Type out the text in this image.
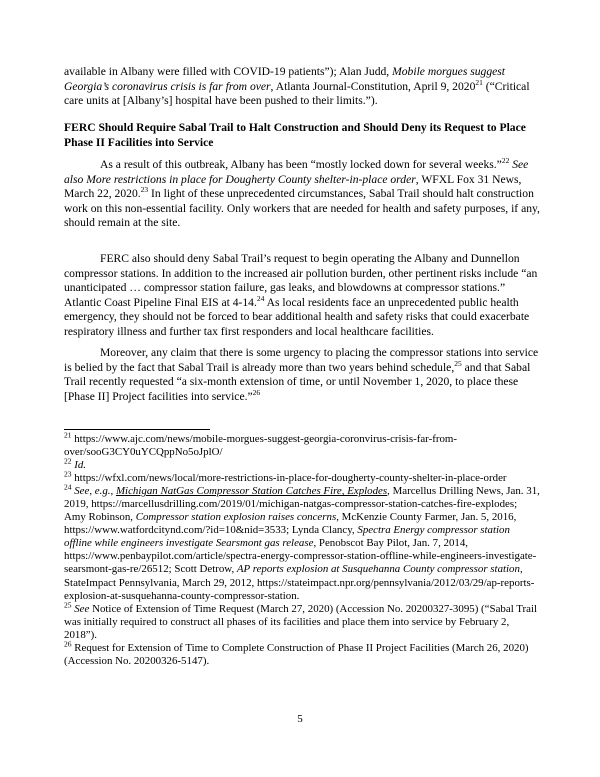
available in Albany were filled with COVID-19 patients”); Alan Judd, Mobile morgues suggest Georgia’s coronavirus crisis is far from over, Atlanta Journal-Constitution, April 9, 2020$^{21}$ (“Critical care units at [Albany’s] hospital have been pushed to their limits.”).

FERC Should Require Sabal Trail to Halt Construction and Should Deny its Request to Place Phase II Facilities into Service

As a result of this outbreak, Albany has been “mostly locked down for several weeks.”$^{22}$ See also More restrictions in place for Dougherty County shelter-in-place order, WFXL Fox 31 News, March 22, 2020.23 In light of these unprecedented circumstances, Sabal Trail should halt construction work on this non-essential facility. Only workers that are needed for health and safety purposes, if any, should remain at the site.

FERC also should deny Sabal Trail’s request to begin operating the Albany and Dunnellon compressor stations. In addition to the increased air pollution burden, other pertinent risks include “an unanticipated … compressor station failure, gas leaks, and blowdowns at compressor stations.” Atlantic Coast Pipeline Final EIS at 4-14.24 As local residents face an unprecedented public health emergency, they should not be forced to bear additional health and safety risks that could exacerbate respiratory illness and further tax first responders and local healthcare facilities.

Moreover, any claim that there is some urgency to placing the compressor stations into service is belied by the fact that Sabal Trail is already more than two years behind schedule,$^{25}$ and that Sabal Trail recently requested “a six-month extension of time, or until November 1, 2020, to place these [Phase II] Project facilities into service.”$^{26}$

$^{21}$ https://www.ajc.com/news/mobile-morgues-suggest-georgia-coronvirus-crisis-far-from-over/sooG3CY0uYCQppNo5oJplO/

$^{22}$ Id.

$^{23}$ https://wfxl.com/news/local/more-restrictions-in-place-for-dougherty-county-shelter-in-place-order

$^{24}$ See, e.g., Michigan NatGas Compressor Station Catches Fire, Explodes, Marcellus Drilling News, Jan. 31, 2019, https://marcellusdrilling.com/2019/01/michigan-natgas-compressor-station-catches-fire-explodes; Amy Robinson, Compressor station explosion raises concerns, McKenzie County Farmer, Jan. 5, 2016, https://www.watfordcitynd.com/?id=10&nid=3533; Lynda Clancy, Spectra Energy compressor station offline while engineers investigate Searsmont gas release, Penobscot Bay Pilot, Jan. 7, 2014, https://www.penbaypilot.com/article/spectra-energy-compressor-station-offline-while-engineers-investigate-searsmont-gas-re/26512; Scott Detrow, AP reports explosion at Susquehanna County compressor station, StateImpact Pennsylvania, March 29, 2012, https://stateimpact.npr.org/pennsylvania/2012/03/29/ap-reports-explosion-at-susquehanna-county-compressor-station.

$^{25}$ See Notice of Extension of Time Request (March 27, 2020) (Accession No. 20200327-3095) (“Sabal Trail was initially required to construct all phases of its facilities and place them into service by February 2, 2018”).

$^{26}$ Request for Extension of Time to Complete Construction of Phase II Project Facilities (March 26, 2020) (Accession No. 20200326-5147).

5
